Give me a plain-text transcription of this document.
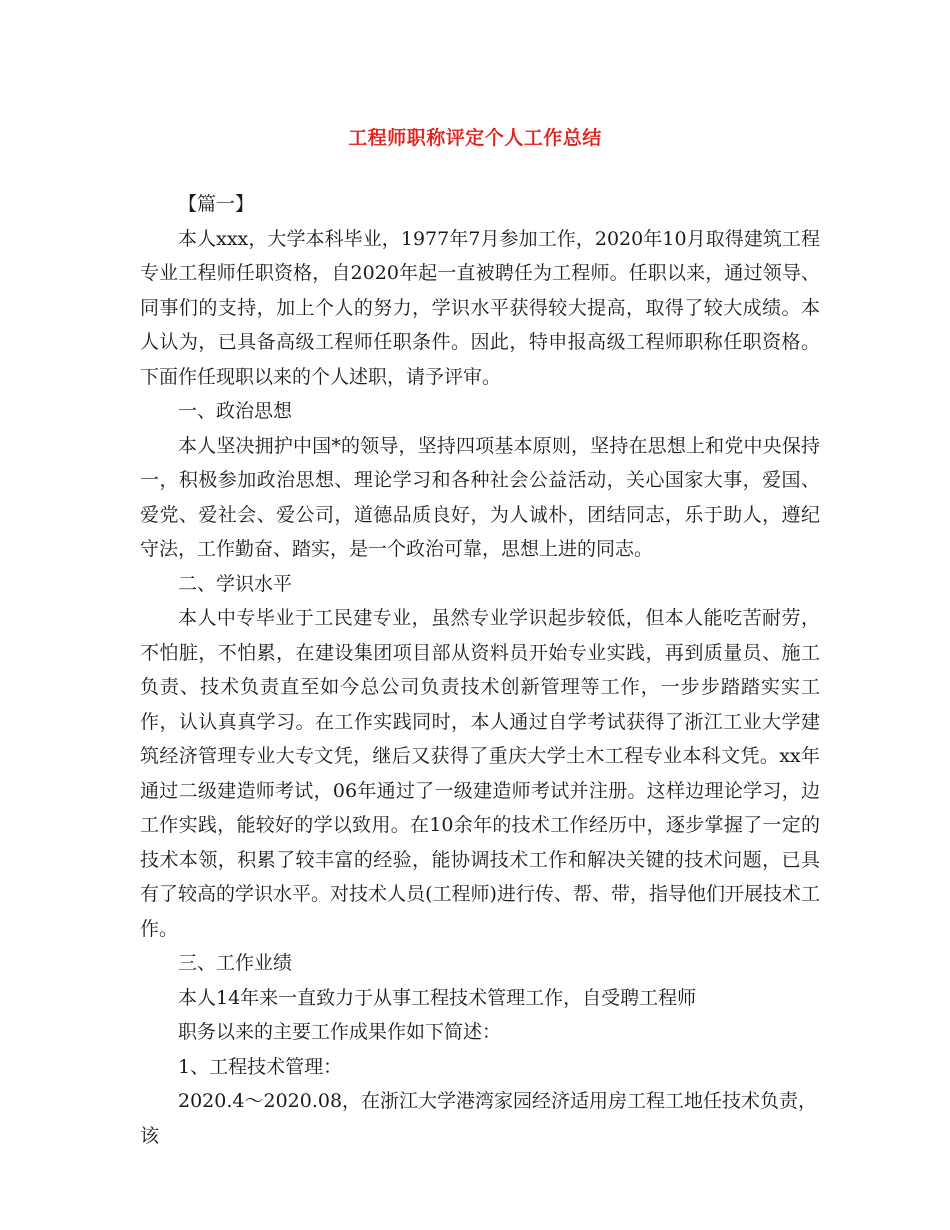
工程师职称评定个人工作总结

【篇一】

本人xxx，大学本科毕业，1977年7月参加工作，2020年10月取得建筑工程专业工程师任职资格，自2020年起一直被聘任为工程师。任职以来，通过领导、同事们的支持，加上个人的努力，学识水平获得较大提高，取得了较大成绩。本人认为，已具备高级工程师任职条件。因此，特申报高级工程师职称任职资格。下面作任现职以来的个人述职，请予评审。

一、政治思想

本人坚决拥护中国*的领导，坚持四项基本原则，坚持在思想上和党中央保持一，积极参加政治思想、理论学习和各种社会公益活动，关心国家大事，爱国、爱党、爱社会、爱公司，道德品质良好，为人诚朴，团结同志，乐于助人，遵纪守法，工作勤奋、踏实，是一个政治可靠，思想上进的同志。

二、学识水平

本人中专毕业于工民建专业，虽然专业学识起步较低，但本人能吃苦耐劳，不怕脏，不怕累，在建设集团项目部从资料员开始专业实践，再到质量员、施工负责、技术负责直至如今总公司负责技术创新管理等工作，一步步踏踏实实工作，认认真真学习。在工作实践同时，本人通过自学考试获得了浙江工业大学建筑经济管理专业大专文凭，继后又获得了重庆大学土木工程专业本科文凭。xx年通过二级建造师考试，06年通过了一级建造师考试并注册。这样边理论学习，边工作实践，能较好的学以致用。在10余年的技术工作经历中，逐步掌握了一定的技术本领，积累了较丰富的经验，能协调技术工作和解决关键的技术问题，已具有了较高的学识水平。对技术人员(工程师)进行传、帮、带，指导他们开展技术工作。

三、工作业绩

本人14年来一直致力于从事工程技术管理工作，自受聘工程师

职务以来的主要工作成果作如下简述：

1、工程技术管理：

2020.4～2020.08，在浙江大学港湾家园经济适用房工程工地任技术负责，该
